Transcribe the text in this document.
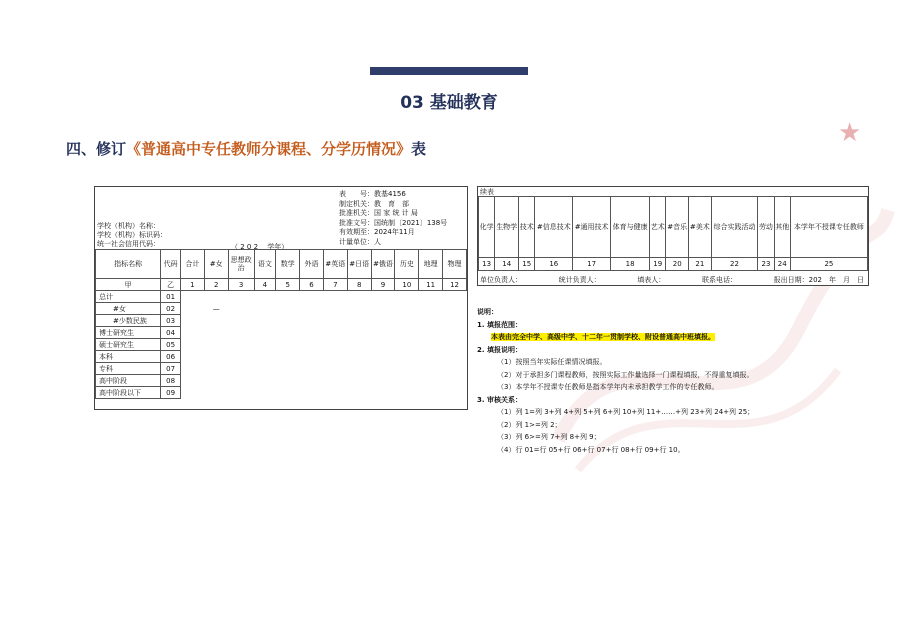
03 基础教育
★
四、修订《普通高中专任教师分课程、分学历情况》表
表　　号：教基4156
制定机关：教　育　部
批准机关：国 家 统 计 局
批准文号：国统制〔2021〕138号
有效期至：2024年11月
计量单位：人
学校（机构）名称：
学校（机构）标识码：
统一社会信用代码：	（ 2 0 2 　学年）
指标名称	代码	合计	#女	思想政治	语文	数学	外语	#英语	#日语	#俄语	历史	地理	物理
甲	乙	1	2	3	4	5	6	7	8	9	10	11	12
总计	01												
　　#女	02		—										
　　#少数民族	03												
博士研究生	04												
硕士研究生	05												
本科	06												
专科	07												
高中阶段	08												
高中阶段以下	09												
续表
化学	生物学	技术	#信息技术	#通用技术	体育与健康	艺术	#音乐	#美术	综合实践活动	劳动	其他	本学年不授课专任教师
13	14	15	16	17	18	19	20	21	22	23	24	25
单位负责人：	统计负责人：	填表人：	联系电话：	报出日期：202　年　月　日
说明：
1. 填报范围：
本表由完全中学、高级中学、十二年一贯制学校、附设普通高中班填报。
2. 填报说明：
（1）按照当年实际任课情况填报。
（2）对于承担多门课程教师，按照实际工作量选择一门课程填报，不得重复填报。
（3）本学年不授课专任教师是指本学年内未承担教学工作的专任教师。
3. 审核关系：
（1）列 1=列 3+列 4+列 5+列 6+列 10+列 11+……+列 23+列 24+列 25；
（2）列 1>=列 2；
（3）列 6>=列 7+列 8+列 9；
（4）行 01=行 05+行 06+行 07+行 08+行 09+行 10。
